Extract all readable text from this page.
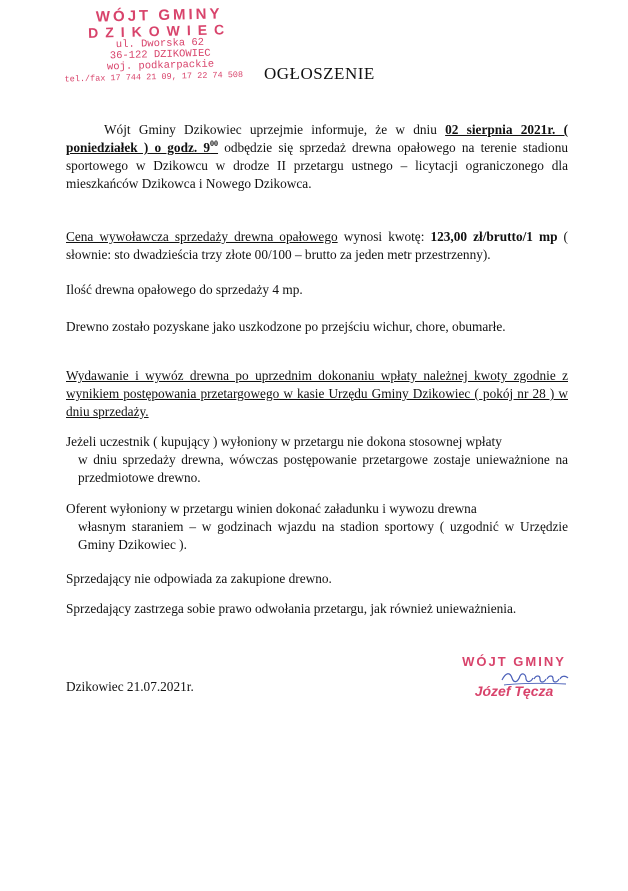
WÓJT GMINY
DZIKOWIEC
ul. Dworska 62
36-122 DZIKOWIEC
woj. podkarpackie
tel./fax 17 744 21 09, 17 22 74 508	OGŁOSZENIE

Wójt Gminy Dzikowiec uprzejmie informuje, że w dniu 02 sierpnia 2021r. ( poniedziałek ) o godz. $9^{00}$ odbędzie się sprzedaż drewna opałowego na terenie stadionu sportowego w Dzikowcu w drodze II przetargu ustnego – licytacji ograniczonego dla mieszkańców Dzikowca i Nowego Dzikowca.

Cena wywoławcza sprzedaży drewna opałowego wynosi kwotę: 123,00 zł/brutto/1 mp ( słownie: sto dwadzieścia trzy złote 00/100 – brutto za jeden metr przestrzenny).

Ilość drewna opałowego do sprzedaży 4 mp.

Drewno zostało pozyskane jako uszkodzone po przejściu wichur, chore, obumarłe.

Wydawanie i wywóz drewna po uprzednim dokonaniu wpłaty należnej kwoty zgodnie z wynikiem postępowania przetargowego w kasie Urzędu Gminy Dzikowiec ( pokój nr 28 ) w dniu sprzedaży.

Jeżeli uczestnik ( kupujący ) wyłoniony w przetargu nie dokona stosownej wpłaty
w dniu sprzedaży drewna, wówczas postępowanie przetargowe zostaje unieważnione na przedmiotowe drewno.

Oferent wyłoniony w przetargu winien dokonać załadunku i wywozu drewna
własnym staraniem – w godzinach wjazdu na stadion sportowy ( uzgodnić w Urzędzie Gminy Dzikowiec ).

Sprzedający nie odpowiada za zakupione drewno.

Sprzedający zastrzega sobie prawo odwołania przetargu, jak również unieważnienia.

Dzikowiec 21.07.2021r.
WÓJT GMINY
Józef Tęcza
